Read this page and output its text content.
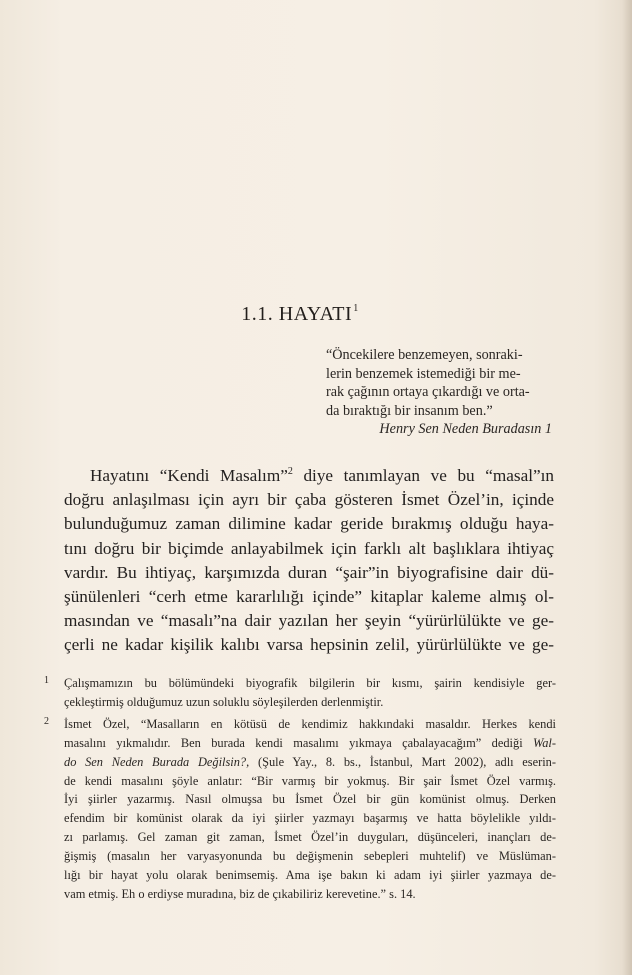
1.1. HAYATI$^1$
“Öncekilere benzemeyen, sonraki-
lerin benzemek istemediği bir me-
rak çağının ortaya çıkardığı ve orta-
da bıraktığı bir insanım ben.”
Henry Sen Neden Buradasın 1
Hayatını “Kendi Masalım”$^2$ diye tanımlayan ve bu “masal”ın
doğru anlaşılması için ayrı bir çaba gösteren İsmet Özel’in, içinde
bulunduğumuz zaman dilimine kadar geride bırakmış olduğu haya-
tını doğru bir biçimde anlayabilmek için farklı alt başlıklara ihtiyaç
vardır. Bu ihtiyaç, karşımızda duran “şair”in biyografisine dair dü-
şünülenleri “cerh etme kararlılığı içinde” kitaplar kaleme almış ol-
masından ve “masalı”na dair yazılan her şeyin “yürürlülükte ve ge-
çerli ne kadar kişilik kalıbı varsa hepsinin zelil, yürürlülükte ve ge-
1 Çalışmamızın bu bölümündeki biyografik bilgilerin bir kısmı, şairin kendisiyle ger-
çekleştirmiş olduğumuz uzun soluklu söyleşilerden derlenmiştir.
2 İsmet Özel, “Masalların en kötüsü de kendimiz hakkındaki masaldır. Herkes kendi
masalını yıkmalıdır. Ben burada kendi masalımı yıkmaya çabalayacağım” dediği Wal-
do Sen Neden Burada Değilsin?, (Şule Yay., 8. bs., İstanbul, Mart 2002), adlı eserin-
de kendi masalını şöyle anlatır: “Bir varmış bir yokmuş. Bir şair İsmet Özel varmış.
İyi şiirler yazarmış. Nasıl olmuşsa bu İsmet Özel bir gün komünist olmuş. Derken
efendim bir komünist olarak da iyi şiirler yazmayı başarmış ve hatta böylelikle yıldı-
zı parlamış. Gel zaman git zaman, İsmet Özel’in duyguları, düşünceleri, inançları de-
ğişmiş (masalın her varyasyonunda bu değişmenin sebepleri muhtelif) ve Müslüman-
lığı bir hayat yolu olarak benimsemiş. Ama işe bakın ki adam iyi şiirler yazmaya de-
vam etmiş. Eh o erdiyse muradına, biz de çıkabiliriz kerevetine.” s. 14.
